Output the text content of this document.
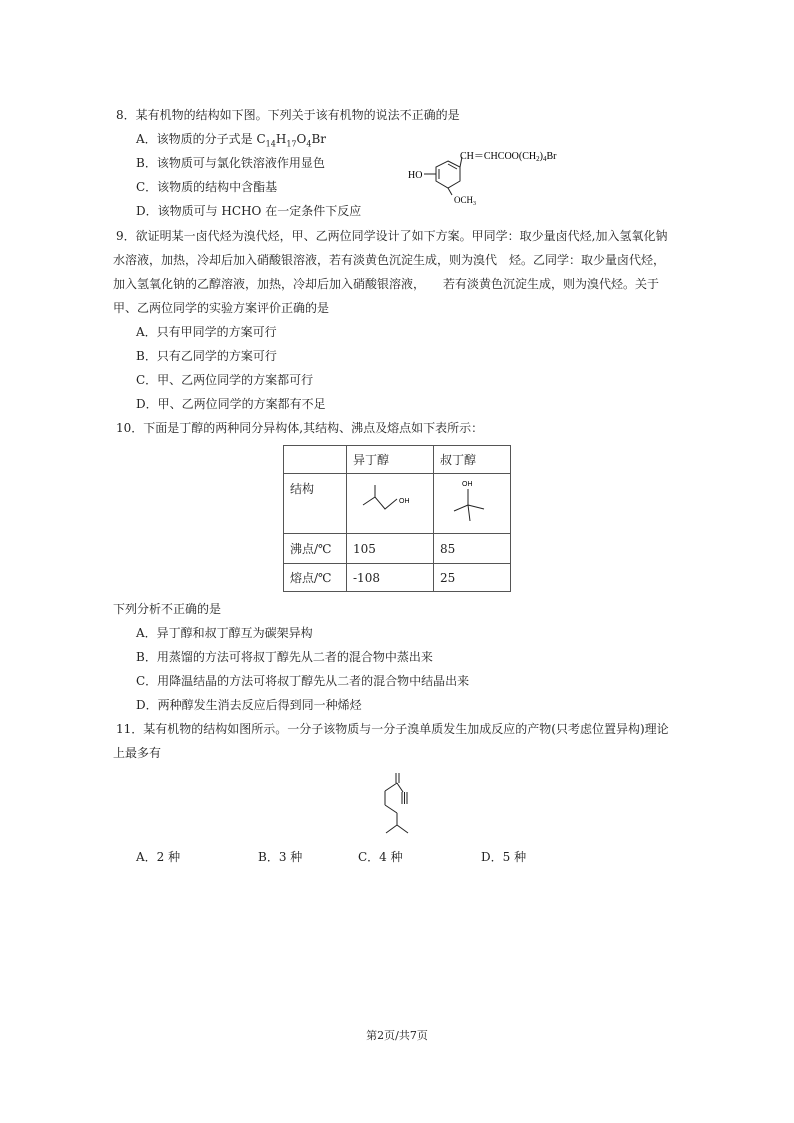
8．某有机物的结构如下图。下列关于该有机物的说法不正确的是
A．该物质的分子式是 $C_{14}H_{17}O_4Br$
B．该物质可与氯化铁溶液作用显色
C．该物质的结构中含酯基
D．该物质可与 HCHO 在一定条件下反应
HO
$OCH_3$
$CH=CHCOO(CH_2)_4Br$
9．欲证明某一卤代烃为溴代烃，甲、乙两位同学设计了如下方案。甲同学：取少量卤代烃,加入氢氧化钠
水溶液，加热，冷却后加入硝酸银溶液，若有淡黄色沉淀生成，则为溴代　烃。乙同学：取少量卤代烃，
加入氢氧化钠的乙醇溶液，加热，冷却后加入硝酸银溶液，　　若有淡黄色沉淀生成，则为溴代烃。关于
甲、乙两位同学的实验方案评价正确的是
A．只有甲同学的方案可行
B．只有乙同学的方案可行
C．甲、乙两位同学的方案都可行
D．甲、乙两位同学的方案都有不足
10．下面是丁醇的两种同分异构体,其结构、沸点及熔点如下表所示：
	异丁醇	叔丁醇
结构	OH	OH

沸点/℃	105	85
熔点/℃	-108	25
下列分析不正确的是
A．异丁醇和叔丁醇互为碳架异构
B．用蒸馏的方法可将叔丁醇先从二者的混合物中蒸出来
C．用降温结晶的方法可将叔丁醇先从二者的混合物中结晶出来
D．两种醇发生消去反应后得到同一种烯烃
11．某有机物的结构如图所示。一分子该物质与一分子溴单质发生加成反应的产物(只考虑位置异构)理论
上最多有
A．2 种	B．3 种	C．4 种	D．5 种
第2页/共7页
